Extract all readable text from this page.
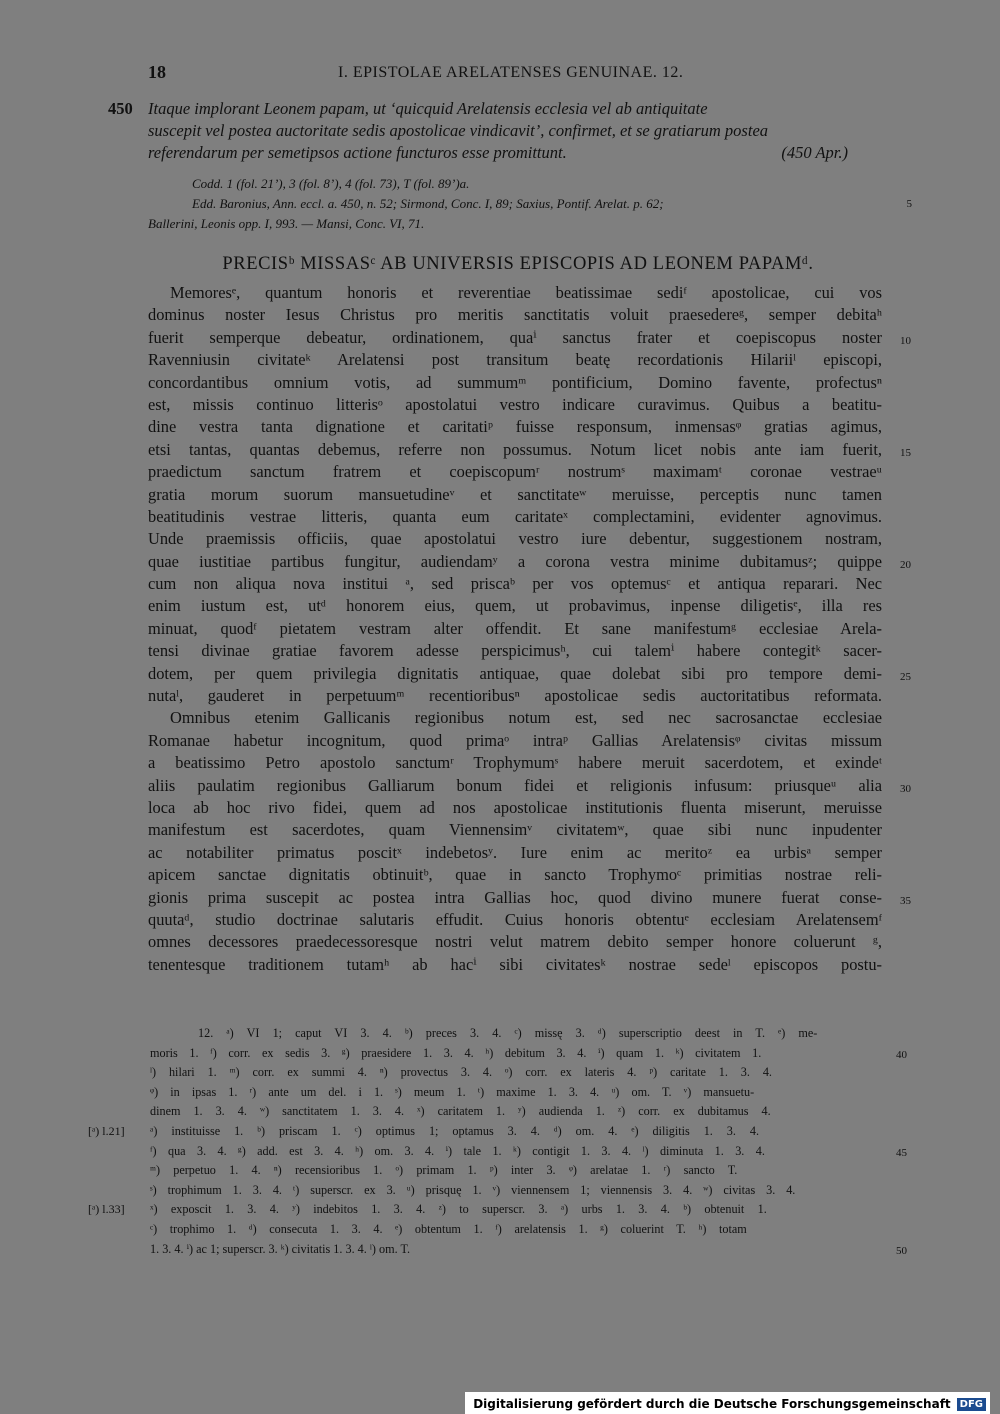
18	I. EPISTOLAE ARELATENSES GENUINAE. 12.
450 Itaque implorant Leonem papam, ut ‘quicquid Arelatensis ecclesia vel ab antiquitate
suscepit vel postea auctoritate sedis apostolicae vindicavit’, confirmet, et se gratiarum postea
referendarum per semetipsos actione functuros esse promittunt.	(450 Apr.)

Codd. 1 (fol. 21’), 3 (fol. 8’), 4 (fol. 73), T (fol. 89’)a.

Edd. Baronius, Ann. eccl. a. 450, n. 52; Sirmond, Conc. I, 89; Saxius, Pontif. Arelat. p. 62;	5

Ballerini, Leonis opp. I, 993. — Mansi, Conc. VI, 71.

PRECISᵇ MISSASᶜ AB UNIVERSIS EPISCOPIS AD LEONEM PAPAMᵈ.
Memoresᵉ, quantum honoris et reverentiae beatissimae sediᶠ apostolicae, cui vos
dominus noster Iesus Christus pro meritis sanctitatis voluit praesedereᵍ, semper debitaʰ
fuerit semperque debeatur, ordinationem, quaⁱ sanctus frater et coepiscopus noster 10
Ravenniusin civitateᵏ Arelatensi post transitum beatę recordationis Hilariiˡ episcopi,
concordantibus omnium votis, ad summumᵐ pontificium, Domino favente, profectusⁿ
est, missis continuo litterisᵒ apostolatui vestro indicare curavimus. Quibus a beatitu-
dine vestra tanta dignatione et caritatiᵖ fuisse responsum, inmensasᵠ gratias agimus,
etsi tantas, quantas debemus, referre non possumus. Notum licet nobis ante iam fuerit, 15
praedictum sanctum fratrem et coepiscopumʳ nostrumˢ maximamᵗ coronae vestraeᵘ
gratia morum suorum mansuetudineᵛ et sanctitateʷ meruisse, perceptis nunc tamen
beatitudinis vestrae litteris, quanta eum caritateˣ complectamini, evidenter agnovimus.
Unde praemissis officiis, quae apostolatui vestro iure debentur, suggestionem nostram,
quae iustitiae partibus fungitur, audiendamʸ a corona vestra minime dubitamusᶻ; quippe 20
cum non aliqua nova institui ᵃ, sed priscaᵇ per vos optemusᶜ et antiqua reparari. Nec
enim iustum est, utᵈ honorem eius, quem, ut probavimus, inpense diligetisᵉ, illa res
minuat, quodᶠ pietatem vestram alter offendit. Et sane manifestumᵍ ecclesiae Arela-
tensi divinae gratiae favorem adesse perspicimusʰ, cui talemⁱ habere contegitᵏ sacer-
dotem, per quem privilegia dignitatis antiquae, quae dolebat sibi pro tempore demi- 25
nutaˡ, gauderet in perpetuumᵐ recentioribusⁿ apostolicae sedis auctoritatibus reformata.
Omnibus etenim Gallicanis regionibus notum est, sed nec sacrosanctae ecclesiae
Romanae habetur incognitum, quod primaᵒ intraᵖ Gallias Arelatensisᵠ civitas missum
a beatissimo Petro apostolo sanctumʳ Trophymumˢ habere meruit sacerdotem, et exindeᵗ
aliis paulatim regionibus Galliarum bonum fidei et religionis infusum: priusqueᵘ alia 30
loca ab hoc rivo fidei, quem ad nos apostolicae institutionis fluenta miserunt, meruisse
manifestum est sacerdotes, quam Viennensimᵛ civitatemʷ, quae sibi nunc inpudenter
ac notabiliter primatus poscitˣ indebetosʸ. Iure enim ac meritoᶻ ea urbisᵃ semper
apicem sanctae dignitatis obtinuitᵇ, quae in sancto Trophymoᶜ primitias nostrae reli-
gionis prima suscepit ac postea intra Gallias hoc, quod divino munere fuerat conse- 35
quutaᵈ, studio doctrinae salutaris effudit. Cuius honoris obtentuᵉ ecclesiam Arelatensemᶠ
omnes decessores praedecessoresque nostri velut matrem debito semper honore coluerunt ᵍ,
tenentesque traditionem tutamʰ ab hacⁱ sibi civitatesᵏ nostrae sedeˡ episcopos postu-
12. ᵃ) VI 1; caput VI 3. 4. ᵇ) preces 3. 4. ᶜ) missę 3. ᵈ) superscriptio deest in T. ᵉ) me-
moris 1. ᶠ) corr. ex sedis 3. ᵍ) praesidere 1. 3. 4. ʰ) debitum 3. 4. ⁱ) quam 1. ᵏ) civitatem 1.	40
ˡ) hilari 1. ᵐ) corr. ex summi 4. ⁿ) provectus 3. 4. ᵒ) corr. ex lateris 4. ᵖ) caritate 1. 3. 4.
ᵠ) in ipsas 1. ʳ) ante um del. i 1. ˢ) meum 1. ᵗ) maxime 1. 3. 4. ᵘ) om. T. ᵛ) mansuetu-
dinem 1. 3. 4. ʷ) sanctitatem 1. 3. 4. ˣ) caritatem 1. ʸ) audienda 1. ᶻ) corr. ex dubitamus 4.
[ᵃ) l.21]	ᵃ) instituisse 1. ᵇ) priscam 1. ᶜ) optimus 1; optamus 3. 4. ᵈ) om. 4. ᵉ) diligitis 1. 3. 4.
ᶠ) qua 3. 4. ᵍ) add. est 3. 4. ʰ) om. 3. 4. ⁱ) tale 1. ᵏ) contigit 1. 3. 4. ˡ) diminuta 1. 3. 4.	45
ᵐ) perpetuo 1. 4. ⁿ) recensioribus 1. ᵒ) primam 1. ᵖ) inter 3. ᵠ) arelatae 1. ʳ) sancto T.
ˢ) trophimum 1. 3. 4. ᵗ) superscr. ex 3. ᵘ) prisquę 1. ᵛ) viennensem 1; viennensis 3. 4. ʷ) civitas 3. 4.
[ᵃ) l.33]	ˣ) exposcit 1. 3. 4. ʸ) indebitos 1. 3. 4. ᶻ) to superscr. 3. ᵃ) urbs 1. 3. 4. ᵇ) obtenuit 1.
ᶜ) trophimo 1. ᵈ) consecuta 1. 3. 4. ᵉ) obtentum 1. ᶠ) arelatensis 1. ᵍ) coluerint T. ʰ) totam
1. 3. 4. ⁱ) ac 1; superscr. 3. ᵏ) civitatis 1. 3. 4. ˡ) om. T.	50
Digitalisierung gefördert durch die Deutsche Forschungsgemeinschaft DFG
